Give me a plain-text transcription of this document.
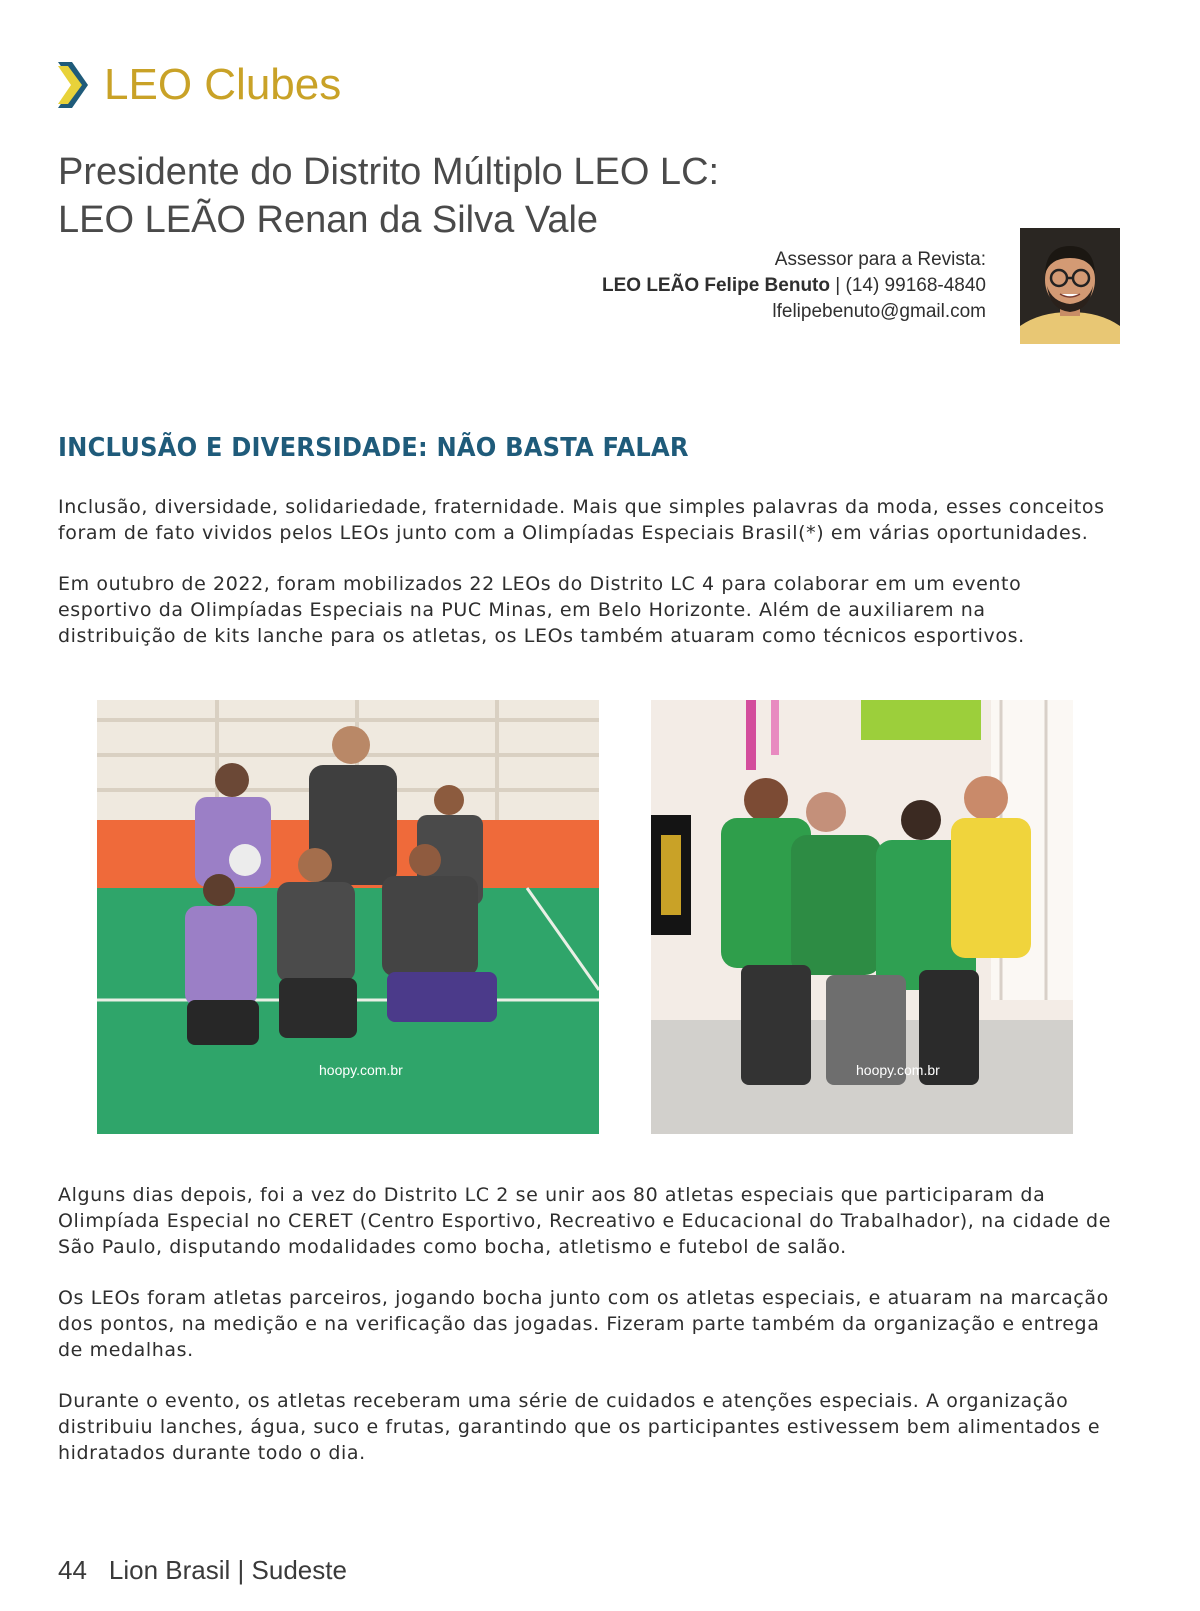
LEO Clubes
Presidente do Distrito Múltiplo LEO LC:
LEO LEÃO Renan da Silva Vale
Assessor para a Revista:
LEO LEÃO Felipe Benuto | (14) 99168-4840
lfelipebenuto@gmail.com
INCLUSÃO E DIVERSIDADE: NÃO BASTA FALAR
Inclusão, diversidade, solidariedade, fraternidade. Mais que simples palavras da moda, esses conceitos
foram de fato vividos pelos LEOs junto com a Olimpíadas Especiais Brasil(*) em várias oportunidades.
Em outubro de 2022, foram mobilizados 22 LEOs do Distrito LC 4 para colaborar em um evento
esportivo da Olimpíadas Especiais na PUC Minas, em Belo Horizonte. Além de auxiliarem na
distribuição de kits lanche para os atletas, os LEOs também atuaram como técnicos esportivos.
hoopy.com.br	hoopy.com.br
Alguns dias depois, foi a vez do Distrito LC 2 se unir aos 80 atletas especiais que participaram da
Olimpíada Especial no CERET (Centro Esportivo, Recreativo e Educacional do Trabalhador), na cidade de
São Paulo, disputando modalidades como bocha, atletismo e futebol de salão.
Os LEOs foram atletas parceiros, jogando bocha junto com os atletas especiais, e atuaram na marcação
dos pontos, na medição e na verificação das jogadas. Fizeram parte também da organização e entrega
de medalhas.
Durante o evento, os atletas receberam uma série de cuidados e atenções especiais. A organização
distribuiu lanches, água, suco e frutas, garantindo que os participantes estivessem bem alimentados e
hidratados durante todo o dia.
44 Lion Brasil | Sudeste
